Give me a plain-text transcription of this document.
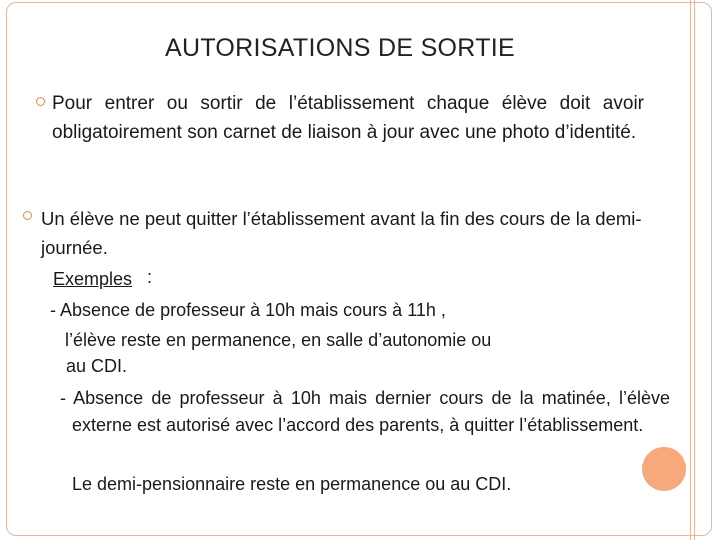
AUTORISATIONS DE SORTIE

Pour entrer ou sortir de l’établissement chaque élève doit avoir obligatoirement son carnet de liaison à jour avec une photo d’identité.

Un élève ne peut quitter l’établissement avant la fin des cours de la demi-journée.

Exemples :
- Absence de professeur à 10h mais cours à 11h ,
l’élève reste en permanence, en salle d’autonomie ou
au CDI.

- Absence de professeur à 10h mais dernier cours de la matinée, l’élève externe est autorisé avec l’accord des parents, à quitter l’établissement.

Le demi-pensionnaire reste en permanence ou au CDI.
